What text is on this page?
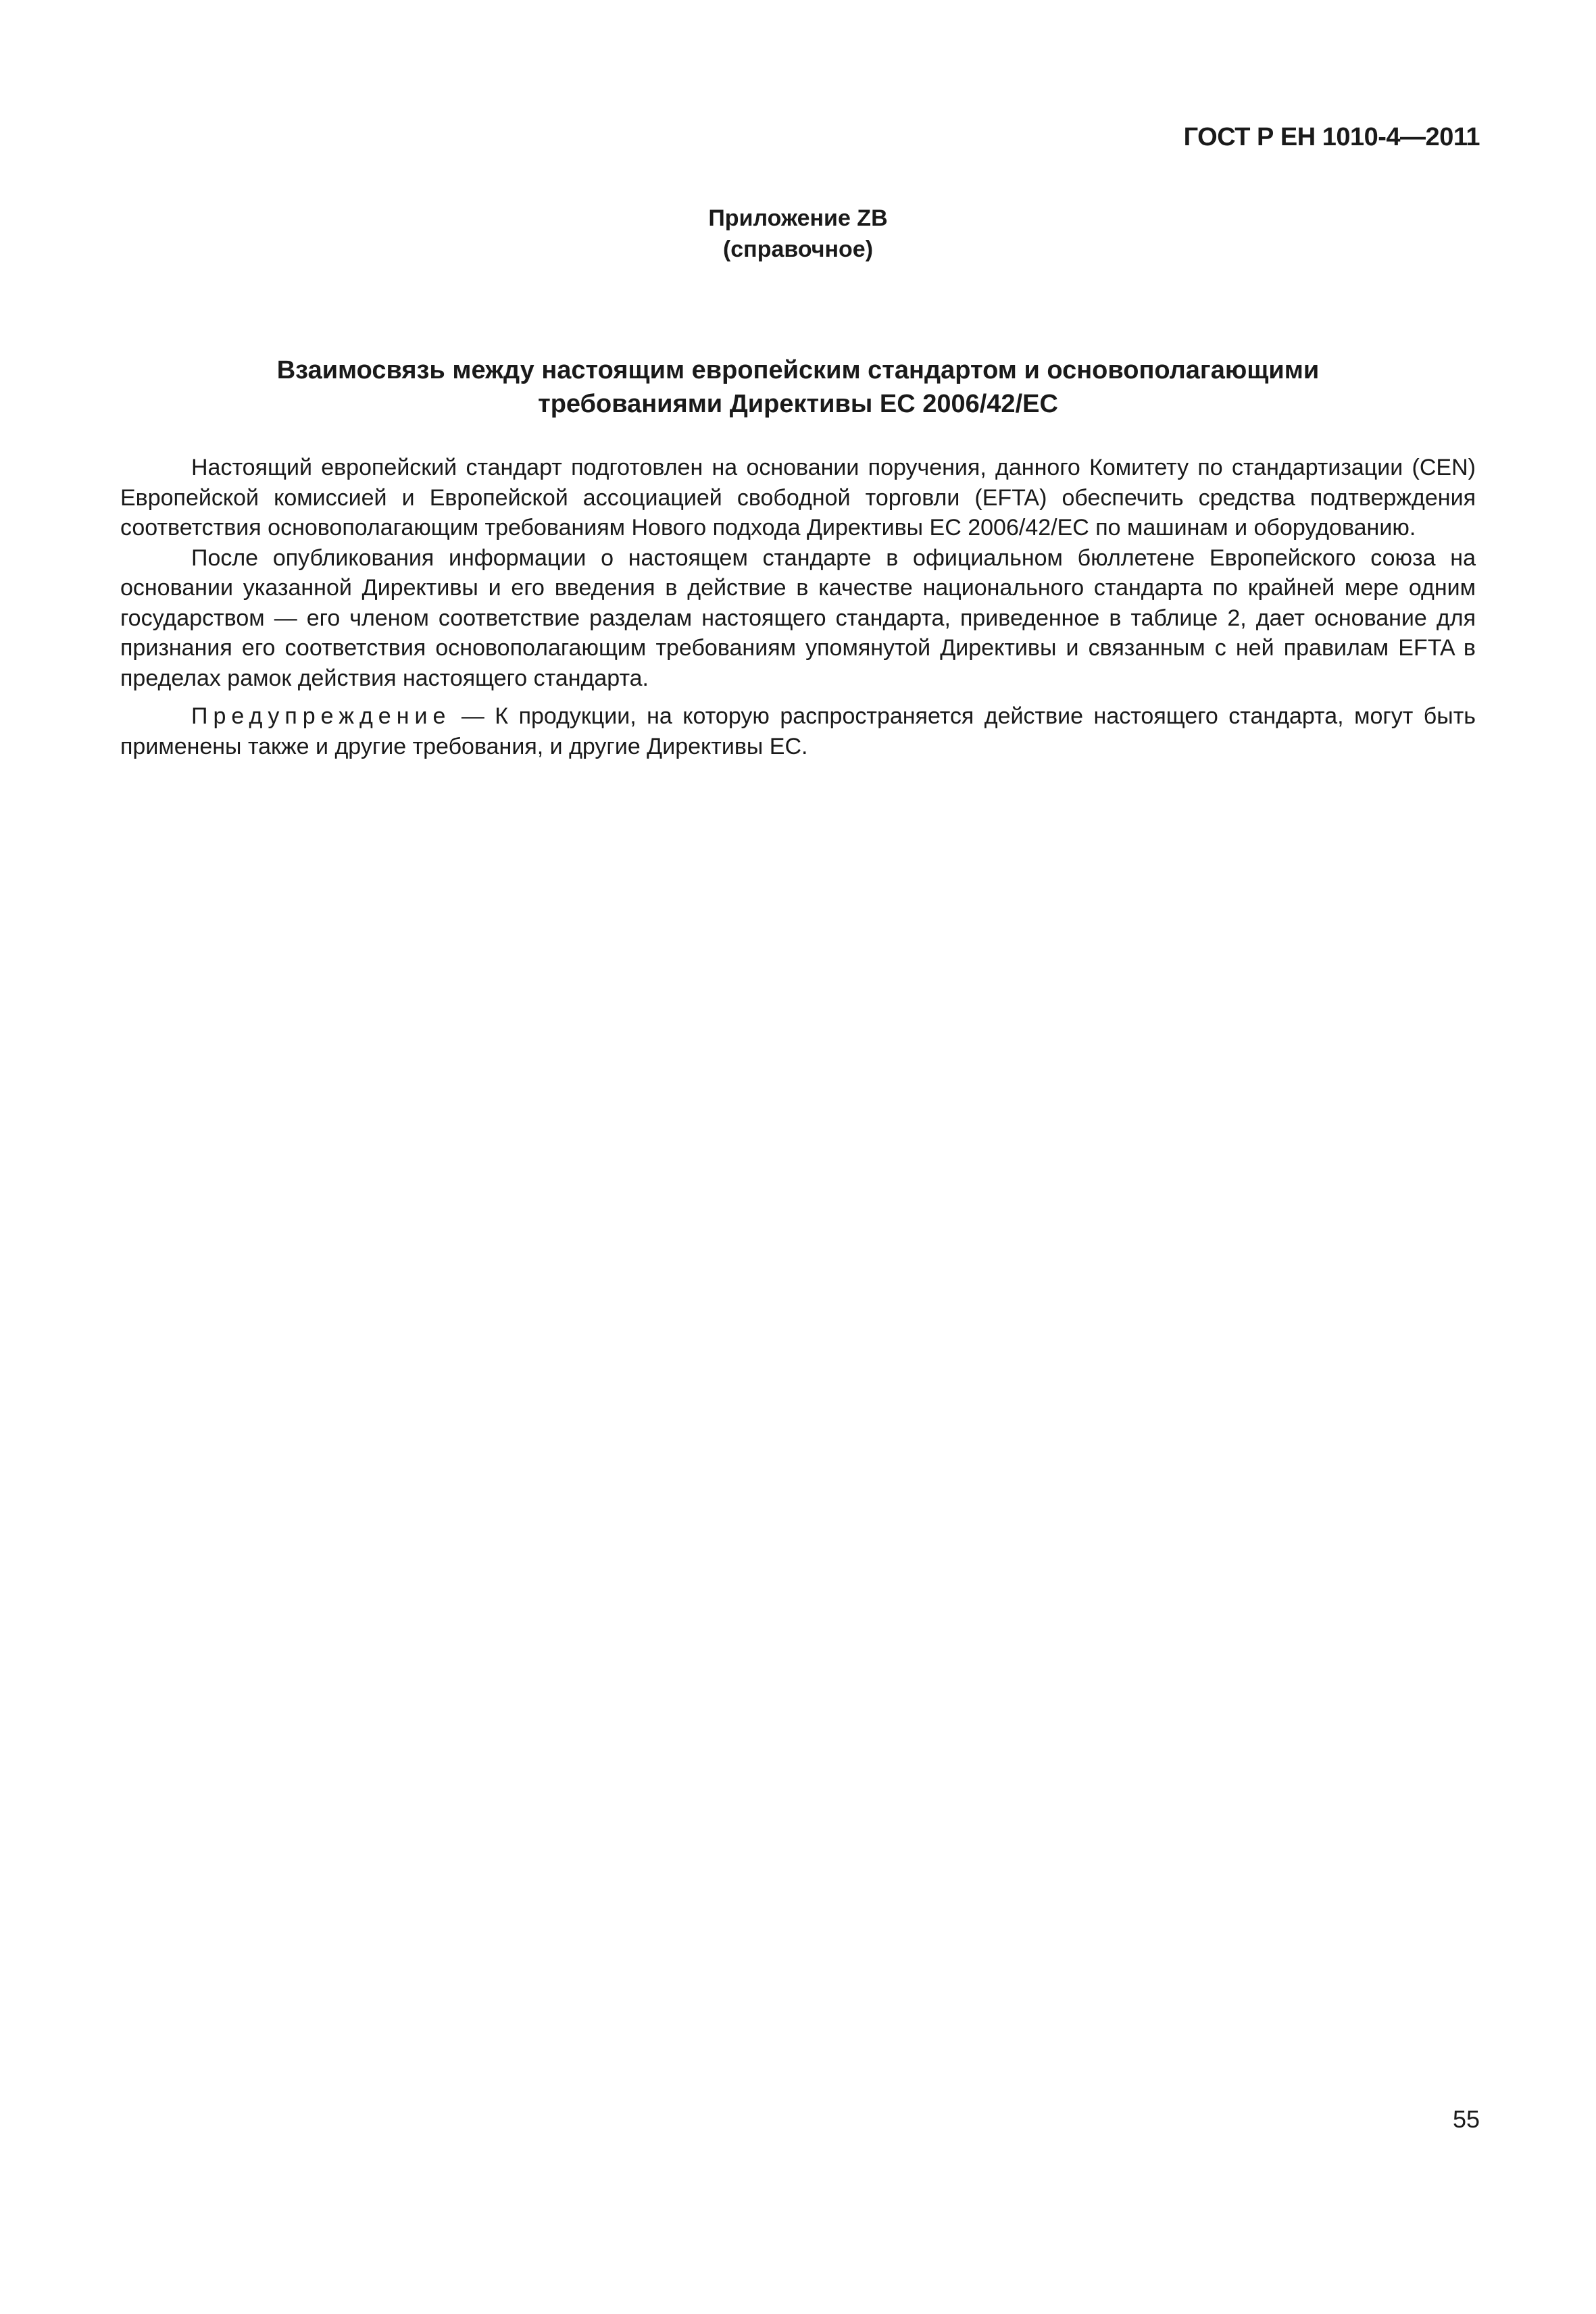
ГОСТ Р ЕН 1010-4—2011
Приложение ZB
(справочное)
Взаимосвязь между настоящим европейским стандартом и основополагающими
требованиями Директивы ЕС 2006/42/ЕС

Настоящий европейский стандарт подготовлен на основании поручения, данного Комитету по стандартизации (CEN) Европейской комиссией и Европейской ассоциацией свободной торговли (EFTA) обеспечить средства подтверждения соответствия основополагающим требованиям Нового подхода Директивы ЕС 2006/42/ЕС по машинам и оборудованию.

После опубликования информации о настоящем стандарте в официальном бюллетене Европейского союза на основании указанной Директивы и его введения в действие в качестве национального стандарта по крайней мере одним государством — его членом соответствие разделам настоящего стандарта, приведенное в таблице 2, дает основание для признания его соответствия основополагающим требованиям упомянутой Директивы и связанным с ней правилам EFTA в пределах рамок действия настоящего стандарта.

Предупреждение — К продукции, на которую распространяется действие настоящего стандарта, могут быть применены также и другие требования, и другие Директивы ЕС.

55
